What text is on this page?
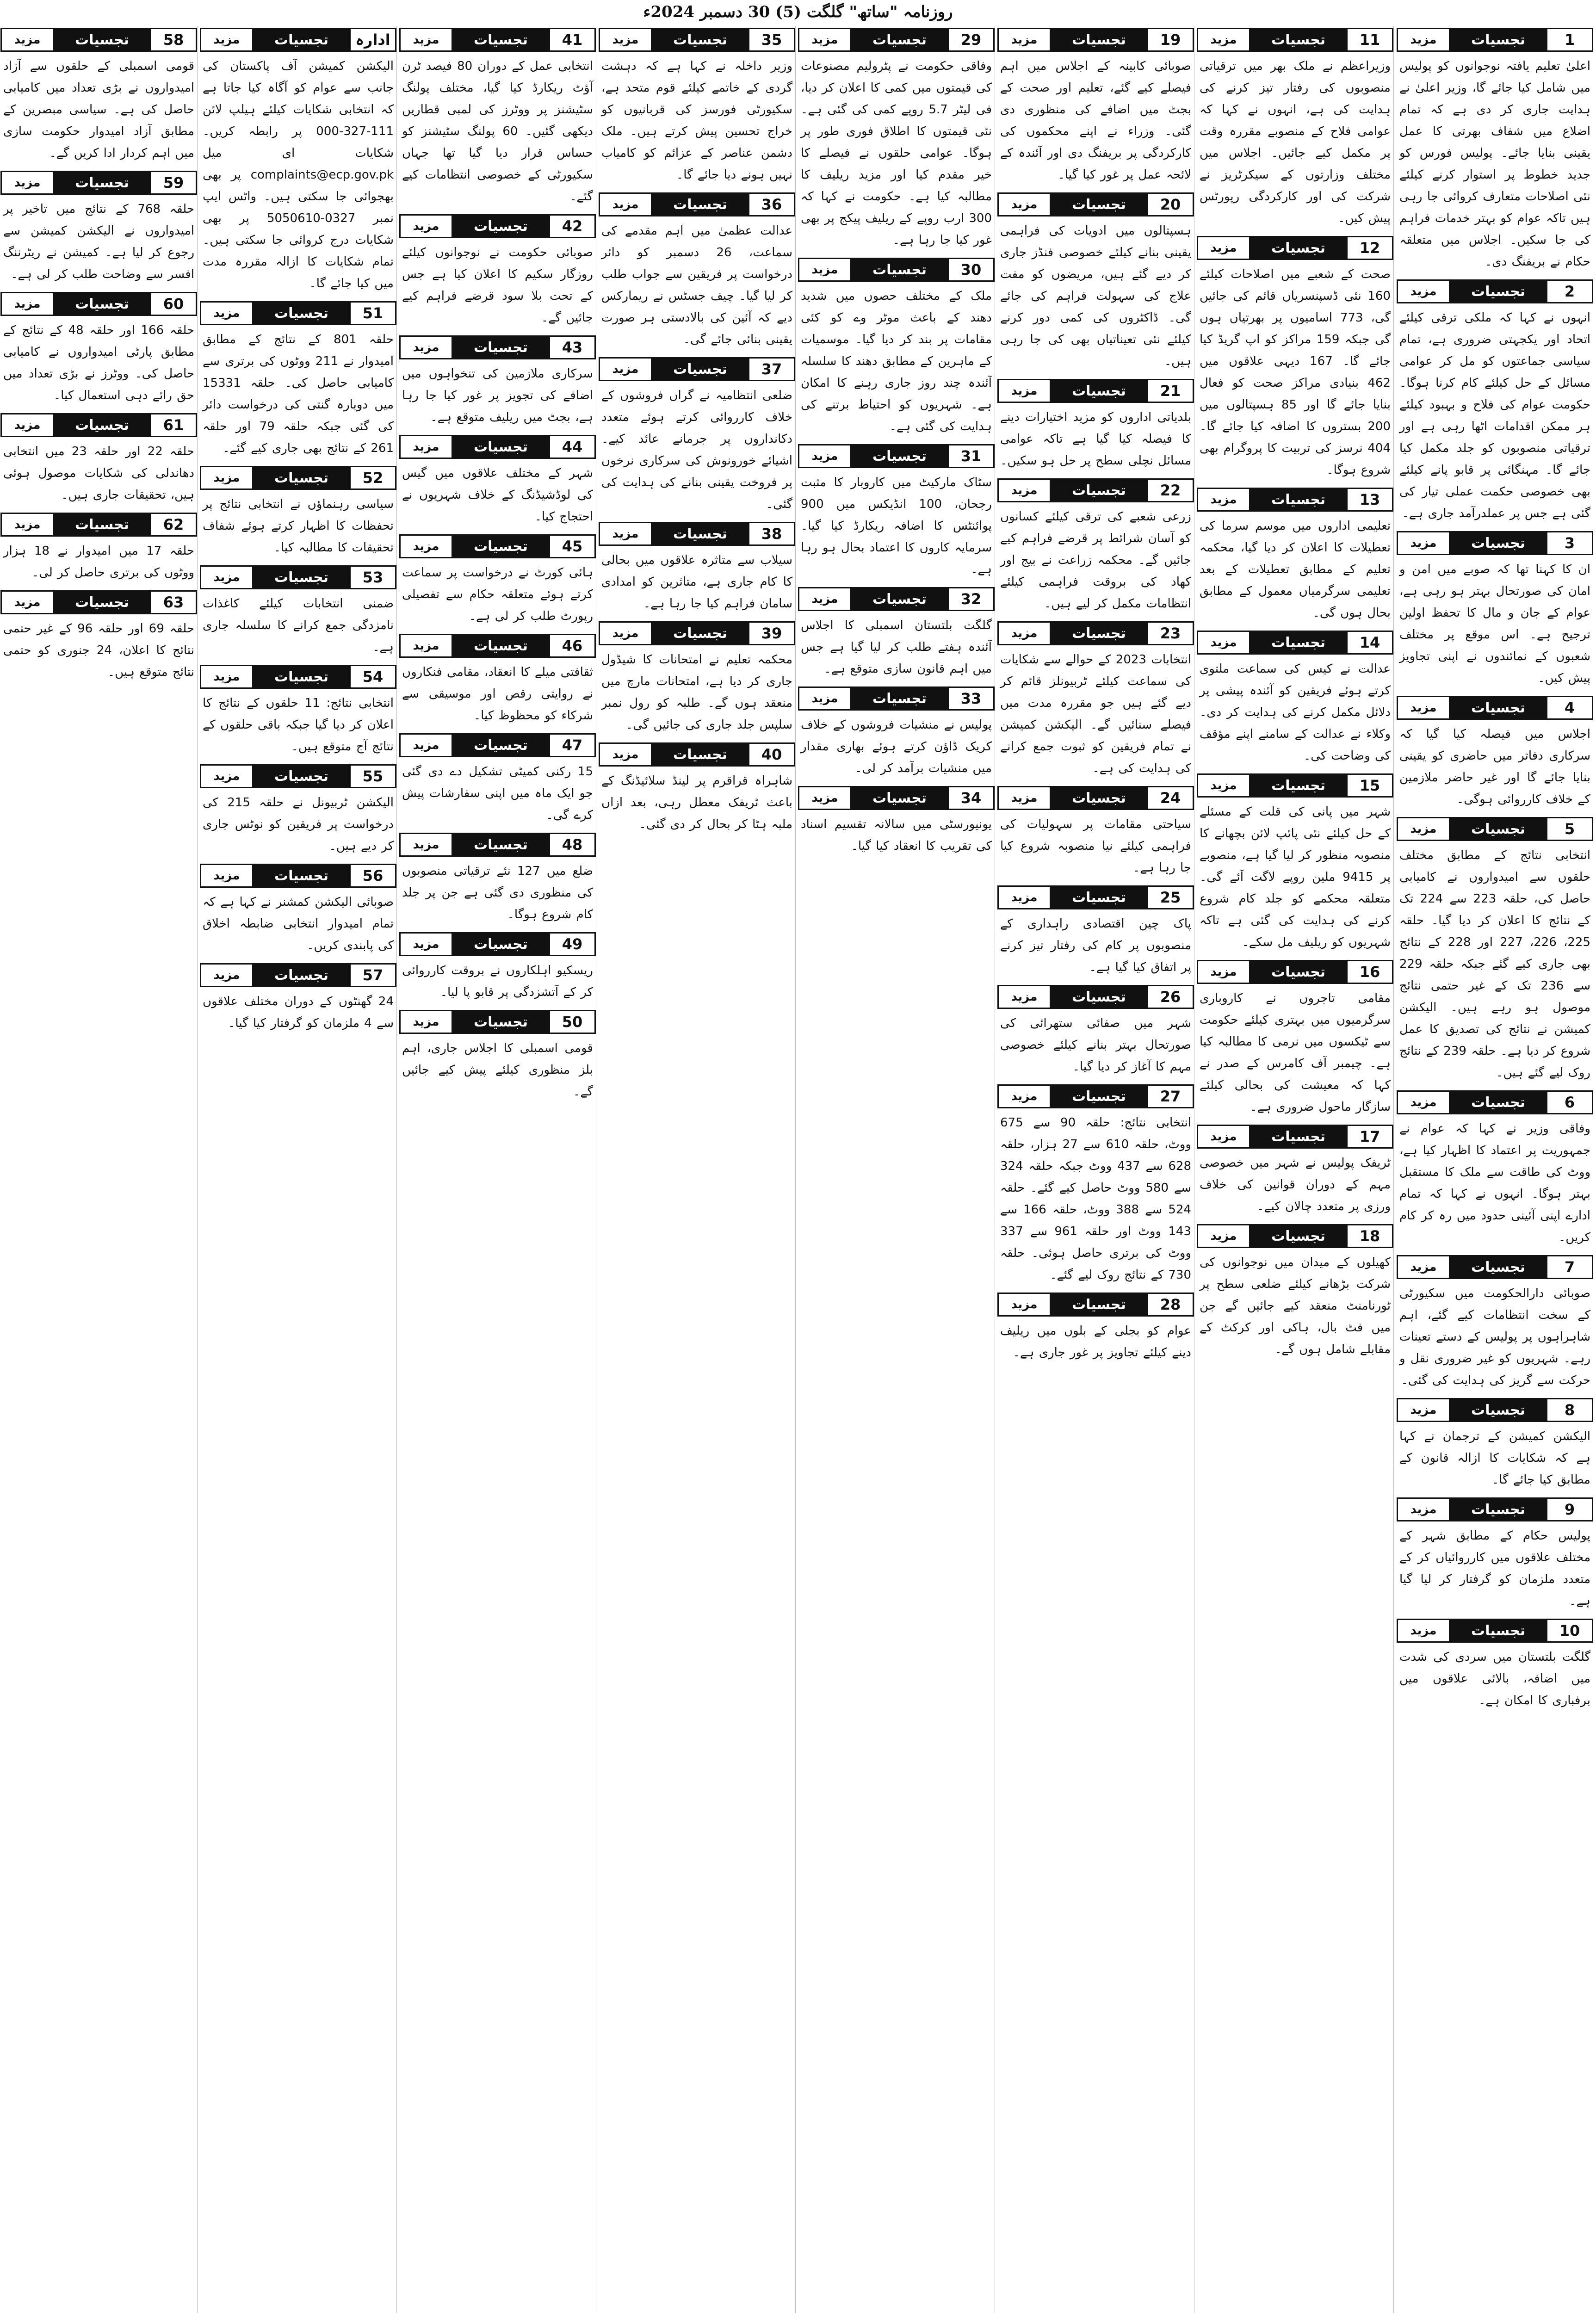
روزنامہ "ساتھ" گلگت (5) 30 دسمبر 2024ء
1
تجسیات
مزید
اعلیٰ تعلیم یافتہ نوجوانوں کو پولیس میں شامل کیا جائے گا، وزیر اعلیٰ نے ہدایت جاری کر دی ہے کہ تمام اضلاع میں شفاف بھرتی کا عمل یقینی بنایا جائے۔ پولیس فورس کو جدید خطوط پر استوار کرنے کیلئے نئی اصلاحات متعارف کروائی جا رہی ہیں تاکہ عوام کو بہتر خدمات فراہم کی جا سکیں۔ اجلاس میں متعلقہ حکام نے بریفنگ دی۔
2
تجسیات
مزید
انہوں نے کہا کہ ملکی ترقی کیلئے اتحاد اور یکجہتی ضروری ہے، تمام سیاسی جماعتوں کو مل کر عوامی مسائل کے حل کیلئے کام کرنا ہوگا۔ حکومت عوام کی فلاح و بہبود کیلئے ہر ممکن اقدامات اٹھا رہی ہے اور ترقیاتی منصوبوں کو جلد مکمل کیا جائے گا۔ مہنگائی پر قابو پانے کیلئے بھی خصوصی حکمت عملی تیار کی گئی ہے جس پر عملدرآمد جاری ہے۔
3
تجسیات
مزید
ان کا کہنا تھا کہ صوبے میں امن و امان کی صورتحال بہتر ہو رہی ہے، عوام کے جان و مال کا تحفظ اولین ترجیح ہے۔ اس موقع پر مختلف شعبوں کے نمائندوں نے اپنی تجاویز پیش کیں۔
4
تجسیات
مزید
اجلاس میں فیصلہ کیا گیا کہ سرکاری دفاتر میں حاضری کو یقینی بنایا جائے گا اور غیر حاضر ملازمین کے خلاف کارروائی ہوگی۔
5
تجسیات
مزید
انتخابی نتائج کے مطابق مختلف حلقوں سے امیدواروں نے کامیابی حاصل کی، حلقہ 223 سے 224 تک کے نتائج کا اعلان کر دیا گیا۔ حلقہ 225، 226، 227 اور 228 کے نتائج بھی جاری کیے گئے جبکہ حلقہ 229 سے 236 تک کے غیر حتمی نتائج موصول ہو رہے ہیں۔ الیکشن کمیشن نے نتائج کی تصدیق کا عمل شروع کر دیا ہے۔ حلقہ 239 کے نتائج روک لیے گئے ہیں۔
6
تجسیات
مزید
وفاقی وزیر نے کہا کہ عوام نے جمہوریت پر اعتماد کا اظہار کیا ہے، ووٹ کی طاقت سے ملک کا مستقبل بہتر ہوگا۔ انہوں نے کہا کہ تمام ادارے اپنی آئینی حدود میں رہ کر کام کریں۔
7
تجسیات
مزید
صوبائی دارالحکومت میں سکیورٹی کے سخت انتظامات کیے گئے، اہم شاہراہوں پر پولیس کے دستے تعینات رہے۔ شہریوں کو غیر ضروری نقل و حرکت سے گریز کی ہدایت کی گئی۔
8
تجسیات
مزید
الیکشن کمیشن کے ترجمان نے کہا ہے کہ شکایات کا ازالہ قانون کے مطابق کیا جائے گا۔
9
تجسیات
مزید
پولیس حکام کے مطابق شہر کے مختلف علاقوں میں کارروائیاں کر کے متعدد ملزمان کو گرفتار کر لیا گیا ہے۔
10
تجسیات
مزید
گلگت بلتستان میں سردی کی شدت میں اضافہ، بالائی علاقوں میں برفباری کا امکان ہے۔
11
تجسیات
مزید
وزیراعظم نے ملک بھر میں ترقیاتی منصوبوں کی رفتار تیز کرنے کی ہدایت کی ہے، انہوں نے کہا کہ عوامی فلاح کے منصوبے مقررہ وقت پر مکمل کیے جائیں۔ اجلاس میں مختلف وزارتوں کے سیکرٹریز نے شرکت کی اور کارکردگی رپورٹس پیش کیں۔
12
تجسیات
مزید
صحت کے شعبے میں اصلاحات کیلئے 160 نئی ڈسپنسریاں قائم کی جائیں گی، 773 اسامیوں پر بھرتیاں ہوں گی جبکہ 159 مراکز کو اپ گریڈ کیا جائے گا۔ 167 دیہی علاقوں میں 462 بنیادی مراکز صحت کو فعال بنایا جائے گا اور 85 ہسپتالوں میں 200 بستروں کا اضافہ کیا جائے گا۔ 404 نرسز کی تربیت کا پروگرام بھی شروع ہوگا۔
13
تجسیات
مزید
تعلیمی اداروں میں موسم سرما کی تعطیلات کا اعلان کر دیا گیا، محکمہ تعلیم کے مطابق تعطیلات کے بعد تعلیمی سرگرمیاں معمول کے مطابق بحال ہوں گی۔
14
تجسیات
مزید
عدالت نے کیس کی سماعت ملتوی کرتے ہوئے فریقین کو آئندہ پیشی پر دلائل مکمل کرنے کی ہدایت کر دی۔ وکلاء نے عدالت کے سامنے اپنے مؤقف کی وضاحت کی۔
15
تجسیات
مزید
شہر میں پانی کی قلت کے مسئلے کے حل کیلئے نئی پائپ لائن بچھانے کا منصوبہ منظور کر لیا گیا ہے، منصوبے پر 9415 ملین روپے لاگت آئے گی۔ متعلقہ محکمے کو جلد کام شروع کرنے کی ہدایت کی گئی ہے تاکہ شہریوں کو ریلیف مل سکے۔
16
تجسیات
مزید
مقامی تاجروں نے کاروباری سرگرمیوں میں بہتری کیلئے حکومت سے ٹیکسوں میں نرمی کا مطالبہ کیا ہے۔ چیمبر آف کامرس کے صدر نے کہا کہ معیشت کی بحالی کیلئے سازگار ماحول ضروری ہے۔
17
تجسیات
مزید
ٹریفک پولیس نے شہر میں خصوصی مہم کے دوران قوانین کی خلاف ورزی پر متعدد چالان کیے۔
18
تجسیات
مزید
کھیلوں کے میدان میں نوجوانوں کی شرکت بڑھانے کیلئے ضلعی سطح پر ٹورنامنٹ منعقد کیے جائیں گے جن میں فٹ بال، ہاکی اور کرکٹ کے مقابلے شامل ہوں گے۔
19
تجسیات
مزید
صوبائی کابینہ کے اجلاس میں اہم فیصلے کیے گئے، تعلیم اور صحت کے بجٹ میں اضافے کی منظوری دی گئی۔ وزراء نے اپنے محکموں کی کارکردگی پر بریفنگ دی اور آئندہ کے لائحہ عمل پر غور کیا گیا۔
20
تجسیات
مزید
ہسپتالوں میں ادویات کی فراہمی یقینی بنانے کیلئے خصوصی فنڈز جاری کر دیے گئے ہیں، مریضوں کو مفت علاج کی سہولت فراہم کی جائے گی۔ ڈاکٹروں کی کمی دور کرنے کیلئے نئی تعیناتیاں بھی کی جا رہی ہیں۔
21
تجسیات
مزید
بلدیاتی اداروں کو مزید اختیارات دینے کا فیصلہ کیا گیا ہے تاکہ عوامی مسائل نچلی سطح پر حل ہو سکیں۔
22
تجسیات
مزید
زرعی شعبے کی ترقی کیلئے کسانوں کو آسان شرائط پر قرضے فراہم کیے جائیں گے۔ محکمہ زراعت نے بیج اور کھاد کی بروقت فراہمی کیلئے انتظامات مکمل کر لیے ہیں۔
23
تجسیات
مزید
انتخابات 2023 کے حوالے سے شکایات کی سماعت کیلئے ٹربیونلز قائم کر دیے گئے ہیں جو مقررہ مدت میں فیصلے سنائیں گے۔ الیکشن کمیشن نے تمام فریقین کو ثبوت جمع کرانے کی ہدایت کی ہے۔
24
تجسیات
مزید
سیاحتی مقامات پر سہولیات کی فراہمی کیلئے نیا منصوبہ شروع کیا جا رہا ہے۔
25
تجسیات
مزید
پاک چین اقتصادی راہداری کے منصوبوں پر کام کی رفتار تیز کرنے پر اتفاق کیا گیا ہے۔
26
تجسیات
مزید
شہر میں صفائی ستھرائی کی صورتحال بہتر بنانے کیلئے خصوصی مہم کا آغاز کر دیا گیا۔
27
تجسیات
مزید
انتخابی نتائج: حلقہ 90 سے 675 ووٹ، حلقہ 610 سے 27 ہزار، حلقہ 628 سے 437 ووٹ جبکہ حلقہ 324 سے 580 ووٹ حاصل کیے گئے۔ حلقہ 524 سے 388 ووٹ، حلقہ 166 سے 143 ووٹ اور حلقہ 961 سے 337 ووٹ کی برتری حاصل ہوئی۔ حلقہ 730 کے نتائج روک لیے گئے۔
28
تجسیات
مزید
عوام کو بجلی کے بلوں میں ریلیف دینے کیلئے تجاویز پر غور جاری ہے۔
29
تجسیات
مزید
وفاقی حکومت نے پٹرولیم مصنوعات کی قیمتوں میں کمی کا اعلان کر دیا، فی لیٹر 5.7 روپے کمی کی گئی ہے۔ نئی قیمتوں کا اطلاق فوری طور پر ہوگا۔ عوامی حلقوں نے فیصلے کا خیر مقدم کیا اور مزید ریلیف کا مطالبہ کیا ہے۔ حکومت نے کہا کہ 300 ارب روپے کے ریلیف پیکج پر بھی غور کیا جا رہا ہے۔
30
تجسیات
مزید
ملک کے مختلف حصوں میں شدید دھند کے باعث موٹر وے کو کئی مقامات پر بند کر دیا گیا۔ موسمیات کے ماہرین کے مطابق دھند کا سلسلہ آئندہ چند روز جاری رہنے کا امکان ہے۔ شہریوں کو احتیاط برتنے کی ہدایت کی گئی ہے۔
31
تجسیات
مزید
سٹاک مارکیٹ میں کاروبار کا مثبت رجحان، 100 انڈیکس میں 900 پوائنٹس کا اضافہ ریکارڈ کیا گیا۔ سرمایہ کاروں کا اعتماد بحال ہو رہا ہے۔
32
تجسیات
مزید
گلگت بلتستان اسمبلی کا اجلاس آئندہ ہفتے طلب کر لیا گیا ہے جس میں اہم قانون سازی متوقع ہے۔
33
تجسیات
مزید
پولیس نے منشیات فروشوں کے خلاف کریک ڈاؤن کرتے ہوئے بھاری مقدار میں منشیات برآمد کر لی۔
34
تجسیات
مزید
یونیورسٹی میں سالانہ تقسیم اسناد کی تقریب کا انعقاد کیا گیا۔
35
تجسیات
مزید
وزیر داخلہ نے کہا ہے کہ دہشت گردی کے خاتمے کیلئے قوم متحد ہے، سکیورٹی فورسز کی قربانیوں کو خراج تحسین پیش کرتے ہیں۔ ملک دشمن عناصر کے عزائم کو کامیاب نہیں ہونے دیا جائے گا۔
36
تجسیات
مزید
عدالت عظمیٰ میں اہم مقدمے کی سماعت، 26 دسمبر کو دائر درخواست پر فریقین سے جواب طلب کر لیا گیا۔ چیف جسٹس نے ریمارکس دیے کہ آئین کی بالادستی ہر صورت یقینی بنائی جائے گی۔
37
تجسیات
مزید
ضلعی انتظامیہ نے گراں فروشوں کے خلاف کارروائی کرتے ہوئے متعدد دکانداروں پر جرمانے عائد کیے۔ اشیائے خورونوش کی سرکاری نرخوں پر فروخت یقینی بنانے کی ہدایت کی گئی۔
38
تجسیات
مزید
سیلاب سے متاثرہ علاقوں میں بحالی کا کام جاری ہے، متاثرین کو امدادی سامان فراہم کیا جا رہا ہے۔
39
تجسیات
مزید
محکمہ تعلیم نے امتحانات کا شیڈول جاری کر دیا ہے، امتحانات مارچ میں منعقد ہوں گے۔ طلبہ کو رول نمبر سلپس جلد جاری کی جائیں گی۔
40
تجسیات
مزید
شاہراہ قراقرم پر لینڈ سلائیڈنگ کے باعث ٹریفک معطل رہی، بعد ازاں ملبہ ہٹا کر بحال کر دی گئی۔
41
تجسیات
مزید
انتخابی عمل کے دوران 80 فیصد ٹرن آؤٹ ریکارڈ کیا گیا، مختلف پولنگ سٹیشنز پر ووٹرز کی لمبی قطاریں دیکھی گئیں۔ 60 پولنگ سٹیشنز کو حساس قرار دیا گیا تھا جہاں سکیورٹی کے خصوصی انتظامات کیے گئے۔
42
تجسیات
مزید
صوبائی حکومت نے نوجوانوں کیلئے روزگار سکیم کا اعلان کیا ہے جس کے تحت بلا سود قرضے فراہم کیے جائیں گے۔
43
تجسیات
مزید
سرکاری ملازمین کی تنخواہوں میں اضافے کی تجویز پر غور کیا جا رہا ہے، بجٹ میں ریلیف متوقع ہے۔
44
تجسیات
مزید
شہر کے مختلف علاقوں میں گیس کی لوڈشیڈنگ کے خلاف شہریوں نے احتجاج کیا۔
45
تجسیات
مزید
ہائی کورٹ نے درخواست پر سماعت کرتے ہوئے متعلقہ حکام سے تفصیلی رپورٹ طلب کر لی ہے۔
46
تجسیات
مزید
ثقافتی میلے کا انعقاد، مقامی فنکاروں نے روایتی رقص اور موسیقی سے شرکاء کو محظوظ کیا۔
47
تجسیات
مزید
15 رکنی کمیٹی تشکیل دے دی گئی جو ایک ماہ میں اپنی سفارشات پیش کرے گی۔
48
تجسیات
مزید
ضلع میں 127 نئے ترقیاتی منصوبوں کی منظوری دی گئی ہے جن پر جلد کام شروع ہوگا۔
49
تجسیات
مزید
ریسکیو اہلکاروں نے بروقت کارروائی کر کے آتشزدگی پر قابو پا لیا۔
50
تجسیات
مزید
قومی اسمبلی کا اجلاس جاری، اہم بلز منظوری کیلئے پیش کیے جائیں گے۔
ادارہ
تجسیات
مزید
الیکشن کمیشن آف پاکستان کی جانب سے عوام کو آگاہ کیا جاتا ہے کہ انتخابی شکایات کیلئے ہیلپ لائن 111-327-000 پر رابطہ کریں۔ شکایات ای میل complaints@ecp.gov.pk پر بھی بھجوائی جا سکتی ہیں۔ واٹس ایپ نمبر 0327-5050610 پر بھی شکایات درج کروائی جا سکتی ہیں۔ تمام شکایات کا ازالہ مقررہ مدت میں کیا جائے گا۔
51
تجسیات
مزید
حلقہ 801 کے نتائج کے مطابق امیدوار نے 211 ووٹوں کی برتری سے کامیابی حاصل کی۔ حلقہ 15331 میں دوبارہ گنتی کی درخواست دائر کی گئی جبکہ حلقہ 79 اور حلقہ 261 کے نتائج بھی جاری کیے گئے۔
52
تجسیات
مزید
سیاسی رہنماؤں نے انتخابی نتائج پر تحفظات کا اظہار کرتے ہوئے شفاف تحقیقات کا مطالبہ کیا۔
53
تجسیات
مزید
ضمنی انتخابات کیلئے کاغذات نامزدگی جمع کرانے کا سلسلہ جاری ہے۔
54
تجسیات
مزید
انتخابی نتائج: 11 حلقوں کے نتائج کا اعلان کر دیا گیا جبکہ باقی حلقوں کے نتائج آج متوقع ہیں۔
55
تجسیات
مزید
الیکشن ٹربیونل نے حلقہ 215 کی درخواست پر فریقین کو نوٹس جاری کر دیے ہیں۔
56
تجسیات
مزید
صوبائی الیکشن کمشنر نے کہا ہے کہ تمام امیدوار انتخابی ضابطہ اخلاق کی پابندی کریں۔
57
تجسیات
مزید
24 گھنٹوں کے دوران مختلف علاقوں سے 4 ملزمان کو گرفتار کیا گیا۔
58
تجسیات
مزید
قومی اسمبلی کے حلقوں سے آزاد امیدواروں نے بڑی تعداد میں کامیابی حاصل کی ہے۔ سیاسی مبصرین کے مطابق آزاد امیدوار حکومت سازی میں اہم کردار ادا کریں گے۔
59
تجسیات
مزید
حلقہ 768 کے نتائج میں تاخیر پر امیدواروں نے الیکشن کمیشن سے رجوع کر لیا ہے۔ کمیشن نے ریٹرننگ افسر سے وضاحت طلب کر لی ہے۔
60
تجسیات
مزید
حلقہ 166 اور حلقہ 48 کے نتائج کے مطابق پارٹی امیدواروں نے کامیابی حاصل کی۔ ووٹرز نے بڑی تعداد میں حق رائے دہی استعمال کیا۔
61
تجسیات
مزید
حلقہ 22 اور حلقہ 23 میں انتخابی دھاندلی کی شکایات موصول ہوئی ہیں، تحقیقات جاری ہیں۔
62
تجسیات
مزید
حلقہ 17 میں امیدوار نے 18 ہزار ووٹوں کی برتری حاصل کر لی۔
63
تجسیات
مزید
حلقہ 69 اور حلقہ 96 کے غیر حتمی نتائج کا اعلان، 24 جنوری کو حتمی نتائج متوقع ہیں۔
